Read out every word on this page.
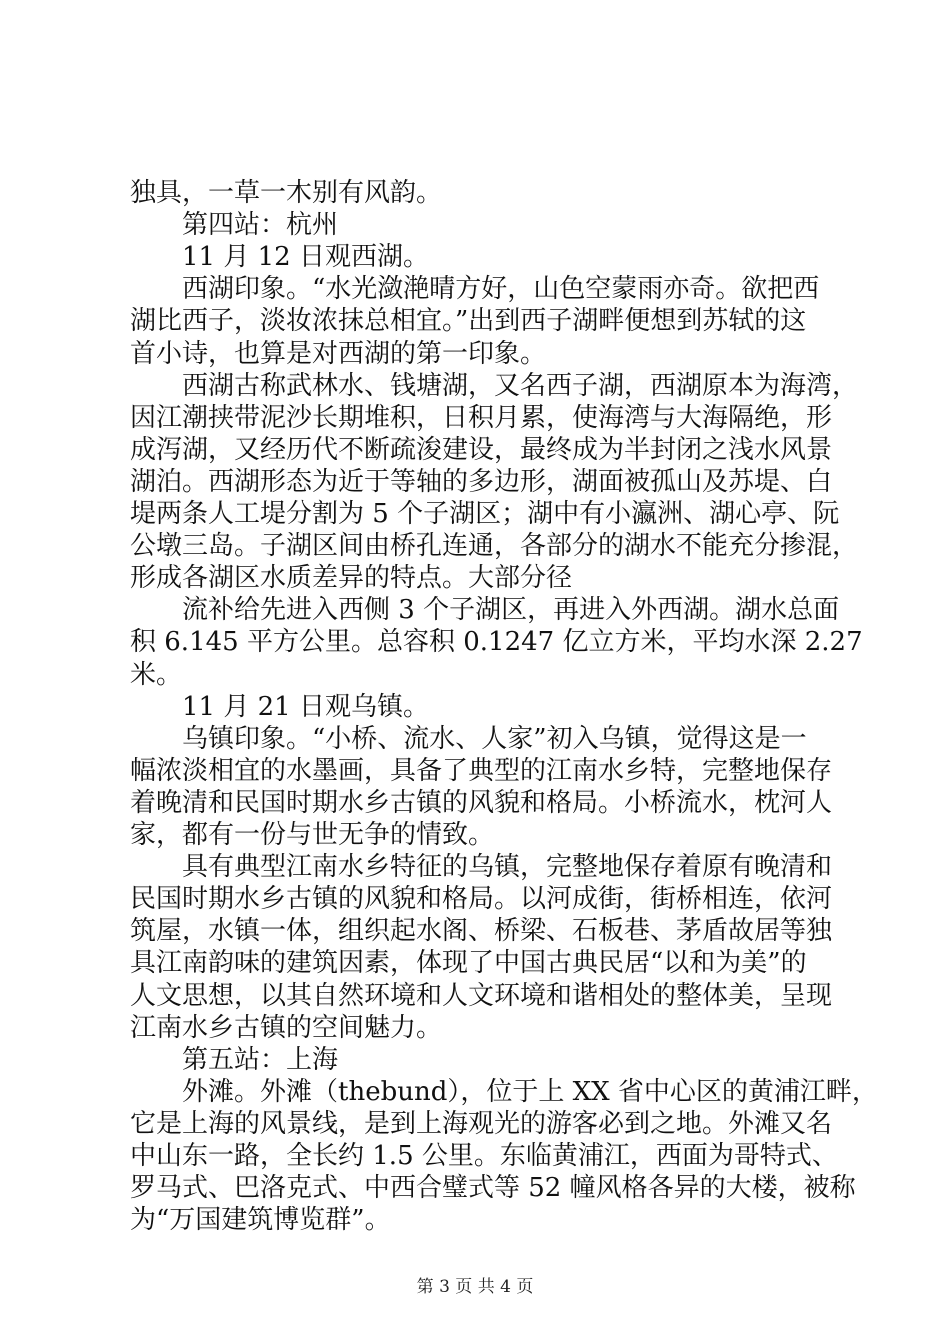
独具，一草一木别有风韵。
第四站：杭州
11 月 12 日观西湖。
西湖印象。“水光潋滟晴方好，山色空蒙雨亦奇。欲把西
湖比西子，淡妆浓抹总相宜。”出到西子湖畔便想到苏轼的这
首小诗，也算是对西湖的第一印象。
西湖古称武林水、钱塘湖，又名西子湖，西湖原本为海湾，
因江潮挟带泥沙长期堆积，日积月累，使海湾与大海隔绝，形
成泻湖，又经历代不断疏浚建设，最终成为半封闭之浅水风景
湖泊。西湖形态为近于等轴的多边形，湖面被孤山及苏堤、白
堤两条人工堤分割为 5 个子湖区；湖中有小瀛洲、湖心亭、阮
公墩三岛。子湖区间由桥孔连通，各部分的湖水不能充分掺混，
形成各湖区水质差异的特点。大部分径
流补给先进入西侧 3 个子湖区，再进入外西湖。湖水总面
积 6.145 平方公里。总容积 0.1247 亿立方米，平均水深 2.27
米。
11 月 21 日观乌镇。
乌镇印象。“小桥、流水、人家”初入乌镇，觉得这是一
幅浓淡相宜的水墨画，具备了典型的江南水乡特，完整地保存
着晚清和民国时期水乡古镇的风貌和格局。小桥流水，枕河人
家，都有一份与世无争的情致。
具有典型江南水乡特征的乌镇，完整地保存着原有晚清和
民国时期水乡古镇的风貌和格局。以河成街，街桥相连，依河
筑屋，水镇一体，组织起水阁、桥梁、石板巷、茅盾故居等独
具江南韵味的建筑因素，体现了中国古典民居“以和为美”的
人文思想，以其自然环境和人文环境和谐相处的整体美，呈现
江南水乡古镇的空间魅力。
第五站：上海
外滩。外滩（thebund），位于上 XX 省中心区的黄浦江畔，
它是上海的风景线，是到上海观光的游客必到之地。外滩又名
中山东一路，全长约 1.5 公里。东临黄浦江，西面为哥特式、
罗马式、巴洛克式、中西合璧式等 52 幢风格各异的大楼，被称
为“万国建筑博览群”。
第 3 页 共 4 页
